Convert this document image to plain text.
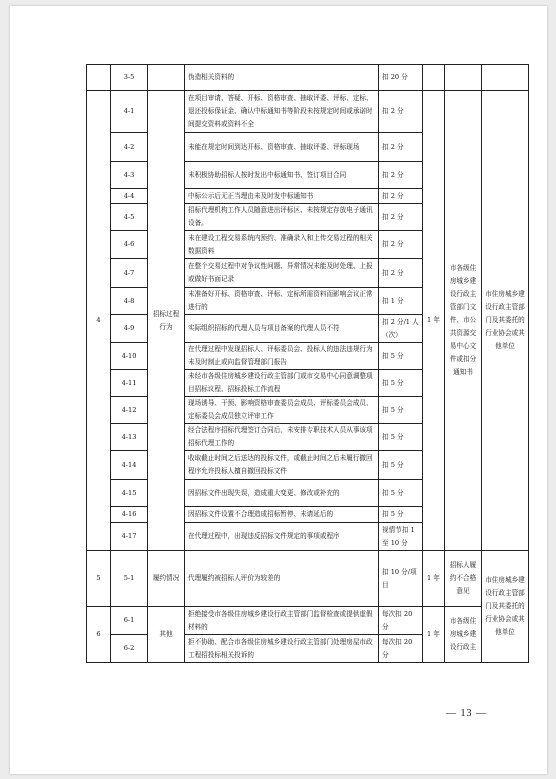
	3-5		伪造相关资料的	扣 20 分			
4	4-1	招标过程行为	在项目审请、答疑、开标、资格审查、抽取评委、评标、定标、退还投标保证金、确认中标通知书等阶段未按规定时间或承诺时间提交资料或资料不全	扣 2 分	1 年	市各级住房城乡建设行政主管部门文件、市公共资源交易中心文件或扣分通知书	市住房城乡建设行政主管部门及其委托的行业协会或其他单位
	4-2		未能在规定时间到达开标、资格审查、抽取评委、评标现场	扣 2 分			
	4-3		未积极协助招标人按时发出中标通知书、签订项目合同	扣 2 分			
	4-4		中标公示后无正当理由未及时发中标通知书	扣 2 分			
	4-5		招标代理机构工作人员随意进出评标区、未按规定存放电子通讯设备。	扣 2 分			
	4-6		未在建设工程交易系统内预约、准确录入和上传交易过程的相关数据资料	扣 2 分			
	4-7		在整个交易过程中对争议性问题、异常情况未能及时处理、上报或做好书面记录	扣 2 分			
	4-8		未准备好开标、资格审查、评标、定标所需资料而影响会议正常进行的	扣 1 分			
	4-9		实际组织招标的代理人员与项目备案的代理人员不符	扣 2 分/1 人（次）			
	4-10		在代理过程中发现招标人、评标委员会、投标人的违法违规行为未及时制止或向监督管理部门报告	扣 5 分			
	4-11		未经市各级住房城乡建设行政主管部门或市交易中心同意调整项目招标议程、招标投标工作流程	扣 5 分			
	4-12		现场诱导、干预、影响资格审查委员会成员、评标委员会成员、定标委员会成员独立评审工作	扣 5 分			
	4-13		经合法程序招标代理签订合同后，未安排专职技术人员从事该项招标代理工作的	扣 5 分			
	4-14		收取截止时间之后送达的投标文件，或截止时间之后未履行撤回程序允许投标人擅自撤回投标文件	扣 5 分			
	4-15		因招标文件出现失误，造成重大变更、修改或补充的	扣 5 分			
	4-16		因招标文件设置不合理造成招标暂停、未请延后的	扣 5 分			
	4-17		在代理过程中，出现违反招标文件规定的事项或程序	视情节扣 1 至 10 分			
5	5-1	履约情况	代理履约被招标人评价为较差的	扣 10 分/项目	1 年	招标人履约不合格意见	市住房城乡建设行政主管部门及其委托的行业协会或其他单位
6	6-1	其他	拒绝接受市各级住房城乡建设行政主管部门监督检查或提供虚假材料的	每次扣 20 分	1 年	市各级住房城乡建设行政主	
	6-2		拒不协助、配合市各级住房城乡建设行政主管部门处理房屋市政工程招投标相关投诉的	每次扣 20 分			
— 13 —
